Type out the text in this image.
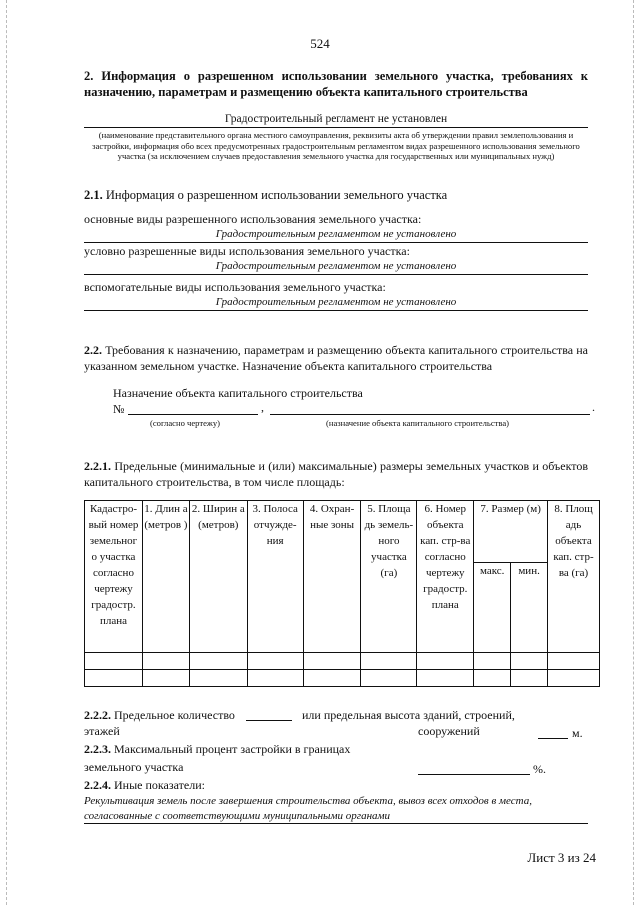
524
2. Информация о разрешенном использовании земельного участка, требованиях к назначению, параметрам и размещению объекта капитального строительства
Градостроительный регламент не установлен
(наименование представительного органа местного самоуправления, реквизиты акта об утверждении правил землепользования и застройки, информация обо всех предусмотренных градостроительным регламентом видах разрешенного использования земельного участка (за исключением случаев предоставления земельного участка для государственных или муниципальных нужд)
2.1. Информация о разрешенном использовании земельного участка
основные виды разрешенного использования земельного участка:
Градостроительным регламентом не установлено
условно разрешенные виды использования земельного участка:
Градостроительным регламентом не установлено
вспомогательные виды использования земельного участка:
Градостроительным регламентом не установлено
2.2. Требования к назначению, параметрам и размещению объекта капитального строительства на указанном земельном участке. Назначение объекта капитального строительства
Назначение объекта капитального строительства
№	,	.
(согласно чертежу)	(назначение объекта капитального строительства)
2.2.1. Предельные (минимальные и (или) максимальные) размеры земельных участков и объектов капитального строительства, в том числе площадь:
Кадастро-вый номер земельног о участка согласно чертежу градостр. плана	1. Длин а (метров )	2. Ширин а (метров)	3. Полоса отчужде-ния	4. Охран-ные зоны	5. Площа дь земель-ного участка (га)	6. Номер объекта кап. стр-ва согласно чертежу градостр. плана	7. Размер (м)		8. Площ адь объекта кап. стр-ва (га)
							макс.	мин.	

2.2.2. Предельное количество	или предельная высота зданий, строений,
этажей	сооружений	м.
2.2.3. Максимальный процент застройки в границах
земельного участка	%.
2.2.4. Иные показатели:
Рекультивация земель после завершения строительства объекта, вывоз всех отходов в места, согласованные с соответствующими муниципальными органами
Лист 3 из 24
